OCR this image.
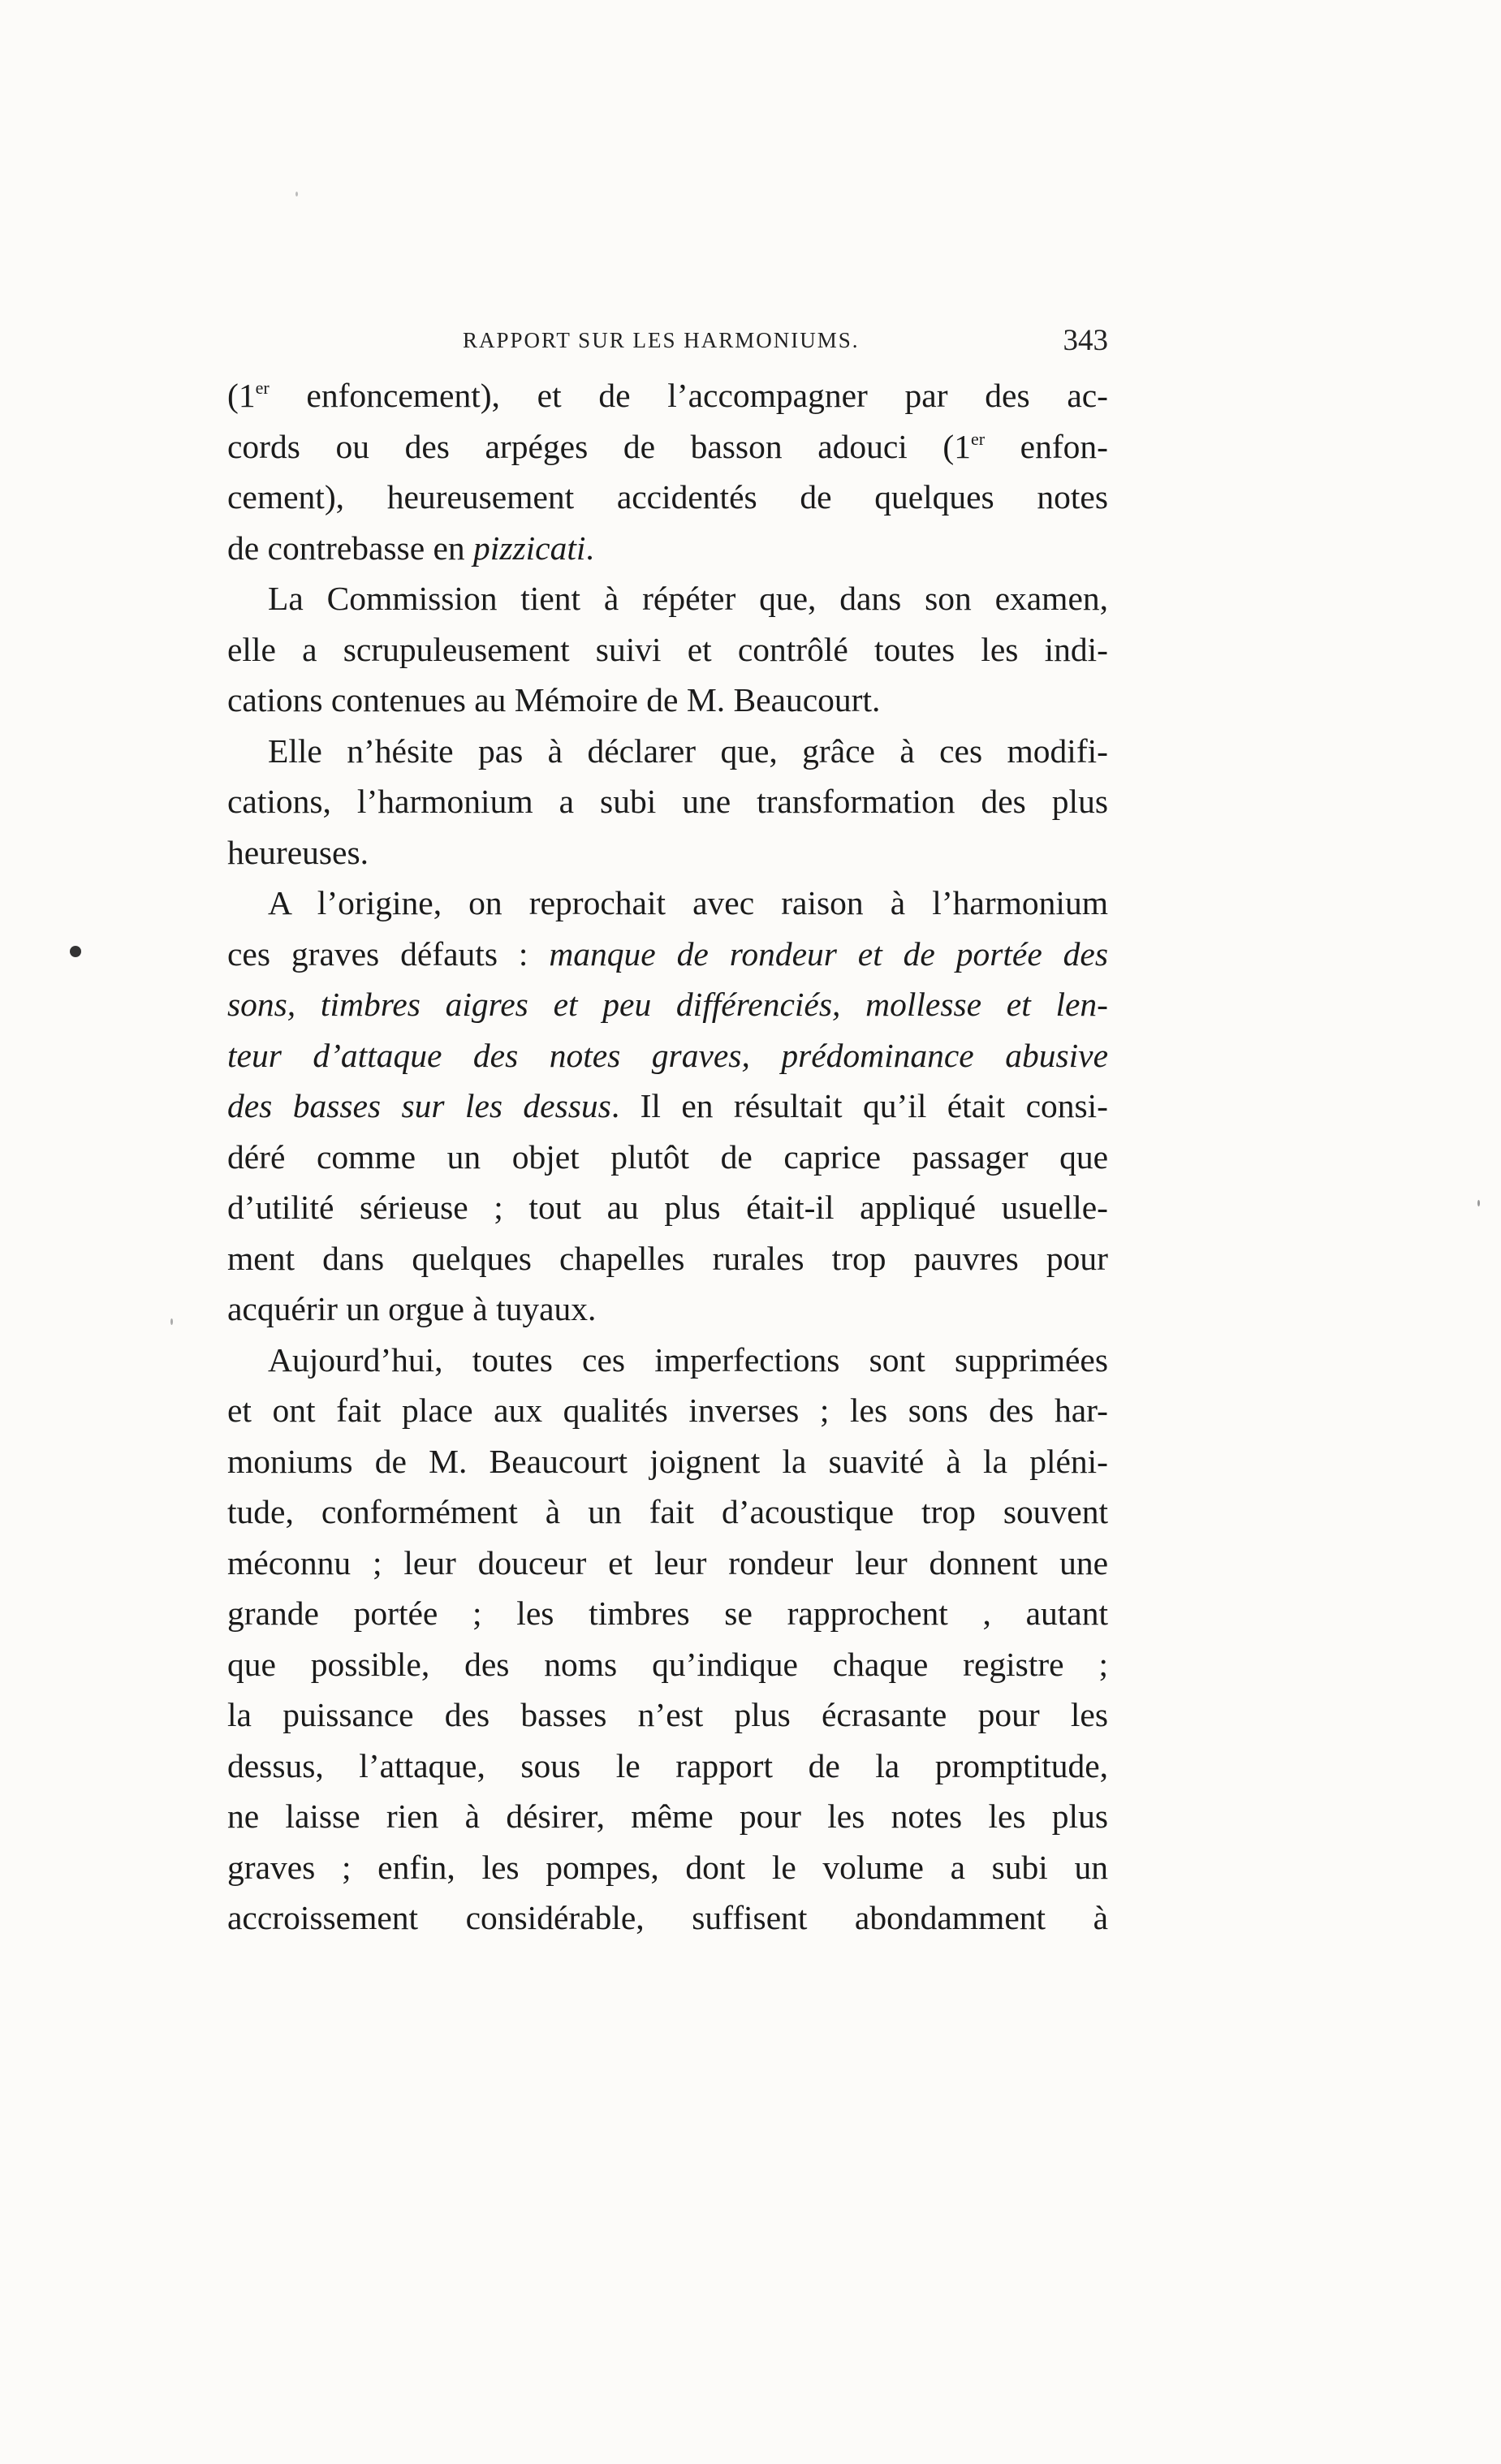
RAPPORT SUR LES HARMONIUMS.	343
(1er enfoncement), et de l’accompagner par des ac-
cords ou des arpéges de basson adouci (1er enfon-
cement), heureusement accidentés de quelques notes
de contrebasse en pizzicati.
La Commission tient à répéter que, dans son examen,
elle a scrupuleusement suivi et contrôlé toutes les indi-
cations contenues au Mémoire de M. Beaucourt.
Elle n’hésite pas à déclarer que, grâce à ces modifi-
cations, l’harmonium a subi une transformation des plus
heureuses.
A l’origine, on reprochait avec raison à l’harmonium
ces graves défauts : manque de rondeur et de portée des
sons, timbres aigres et peu différenciés, mollesse et len-
teur d’attaque des notes graves, prédominance abusive
des basses sur les dessus. Il en résultait qu’il était consi-
déré comme un objet plutôt de caprice passager que
d’utilité sérieuse ; tout au plus était-il appliqué usuelle-
ment dans quelques chapelles rurales trop pauvres pour
acquérir un orgue à tuyaux.
Aujourd’hui, toutes ces imperfections sont supprimées
et ont fait place aux qualités inverses ; les sons des har-
moniums de M. Beaucourt joignent la suavité à la pléni-
tude, conformément à un fait d’acoustique trop souvent
méconnu ; leur douceur et leur rondeur leur donnent une
grande portée ; les timbres se rapprochent , autant
que possible, des noms qu’indique chaque registre ;
la puissance des basses n’est plus écrasante pour les
dessus, l’attaque, sous le rapport de la promptitude,
ne laisse rien à désirer, même pour les notes les plus
graves ; enfin, les pompes, dont le volume a subi un
accroissement considérable, suffisent abondamment à
